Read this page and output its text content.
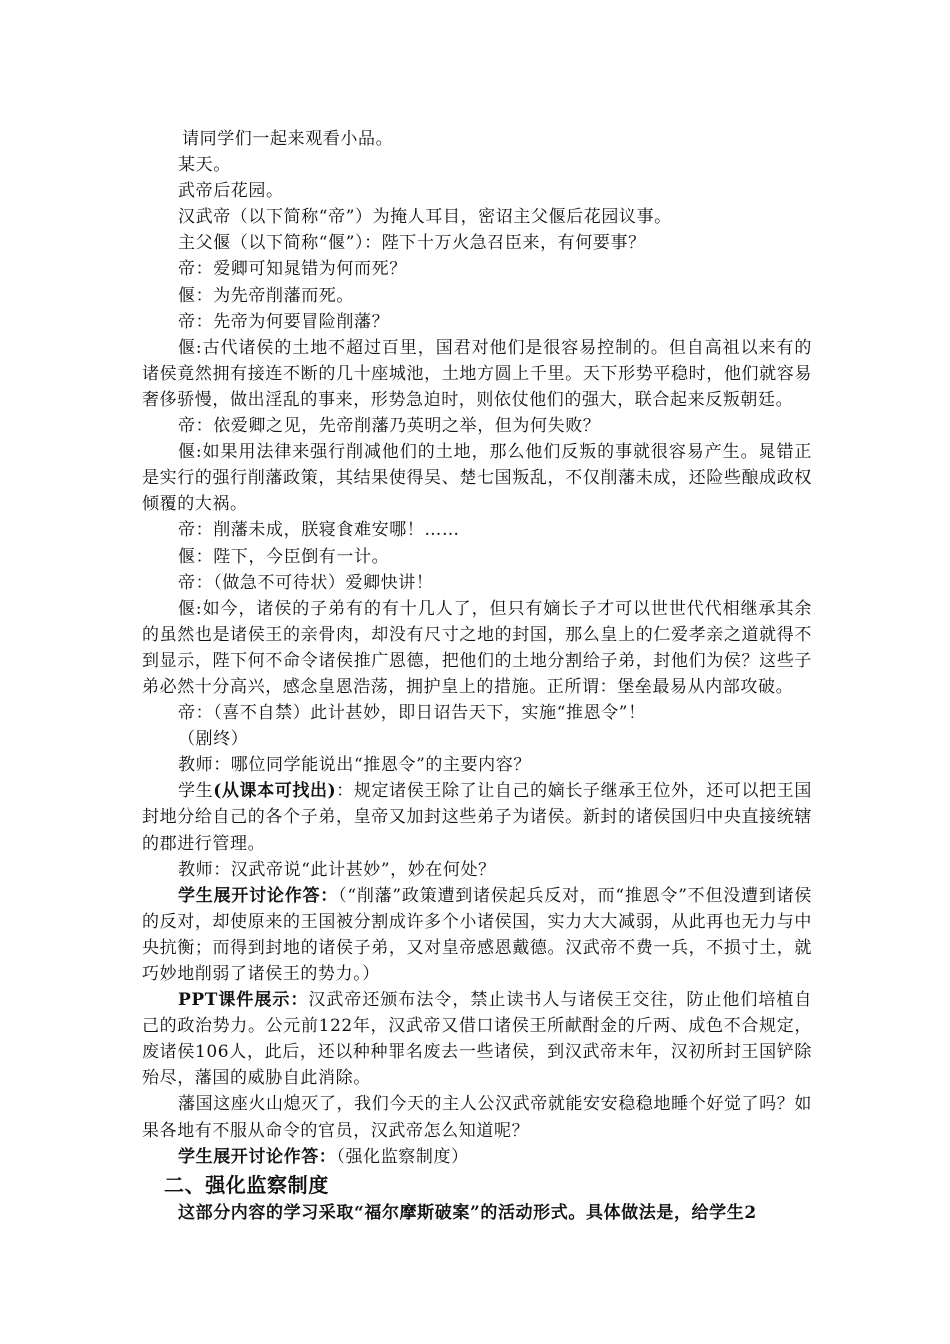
请同学们一起来观看小品。

某天。

武帝后花园。

汉武帝（以下简称“帝”）为掩人耳目，密诏主父偃后花园议事。

主父偃（以下简称“偃”）：陛下十万火急召臣来，有何要事？

帝：爱卿可知晁错为何而死？

偃：为先帝削藩而死。

帝：先帝为何要冒险削藩？

偃:古代诸侯的土地不超过百里，国君对他们是很容易控制的。但自高祖以来有的诸侯竟然拥有接连不断的几十座城池，土地方圆上千里。天下形势平稳时，他们就容易奢侈骄慢，做出淫乱的事来，形势急迫时，则依仗他们的强大，联合起来反叛朝廷。

帝：依爱卿之见，先帝削藩乃英明之举，但为何失败？

偃:如果用法律来强行削减他们的土地，那么他们反叛的事就很容易产生。晁错正是实行的强行削藩政策，其结果使得吴、楚七国叛乱，不仅削藩未成，还险些酿成政权倾覆的大祸。

帝：削藩未成，朕寝食难安哪！……

偃：陛下，今臣倒有一计。

帝：（做急不可待状）爱卿快讲！

偃:如今，诸侯的子弟有的有十几人了，但只有嫡长子才可以世世代代相继承其余的虽然也是诸侯王的亲骨肉，却没有尺寸之地的封国，那么皇上的仁爱孝亲之道就得不到显示，陛下何不命令诸侯推广恩德，把他们的土地分割给子弟，封他们为侯？这些子弟必然十分高兴，感念皇恩浩荡，拥护皇上的措施。正所谓：堡垒最易从内部攻破。

帝：（喜不自禁）此计甚妙，即日诏告天下，实施“推恩令”！

（剧终）

教师：哪位同学能说出“推恩令”的主要内容？

学生(从课本可找出)：规定诸侯王除了让自己的嫡长子继承王位外，还可以把王国封地分给自己的各个子弟，皇帝又加封这些弟子为诸侯。新封的诸侯国归中央直接统辖的郡进行管理。

教师：汉武帝说“此计甚妙”，妙在何处？

学生展开讨论作答：（“削藩”政策遭到诸侯起兵反对，而“推恩令”不但没遭到诸侯的反对，却使原来的王国被分割成许多个小诸侯国，实力大大减弱，从此再也无力与中央抗衡；而得到封地的诸侯子弟，又对皇帝感恩戴德。汉武帝不费一兵，不损寸土，就巧妙地削弱了诸侯王的势力。）

PPT课件展示：汉武帝还颁布法令，禁止读书人与诸侯王交往，防止他们培植自己的政治势力。公元前122年，汉武帝又借口诸侯王所献酎金的斤两、成色不合规定，废诸侯106人，此后，还以种种罪名废去一些诸侯，到汉武帝末年，汉初所封王国铲除殆尽，藩国的威胁自此消除。

藩国这座火山熄灭了，我们今天的主人公汉武帝就能安安稳稳地睡个好觉了吗？如果各地有不服从命令的官员，汉武帝怎么知道呢？

学生展开讨论作答：（强化监察制度）

二、强化监察制度

这部分内容的学习采取“福尔摩斯破案”的活动形式。具体做法是，给学生2
